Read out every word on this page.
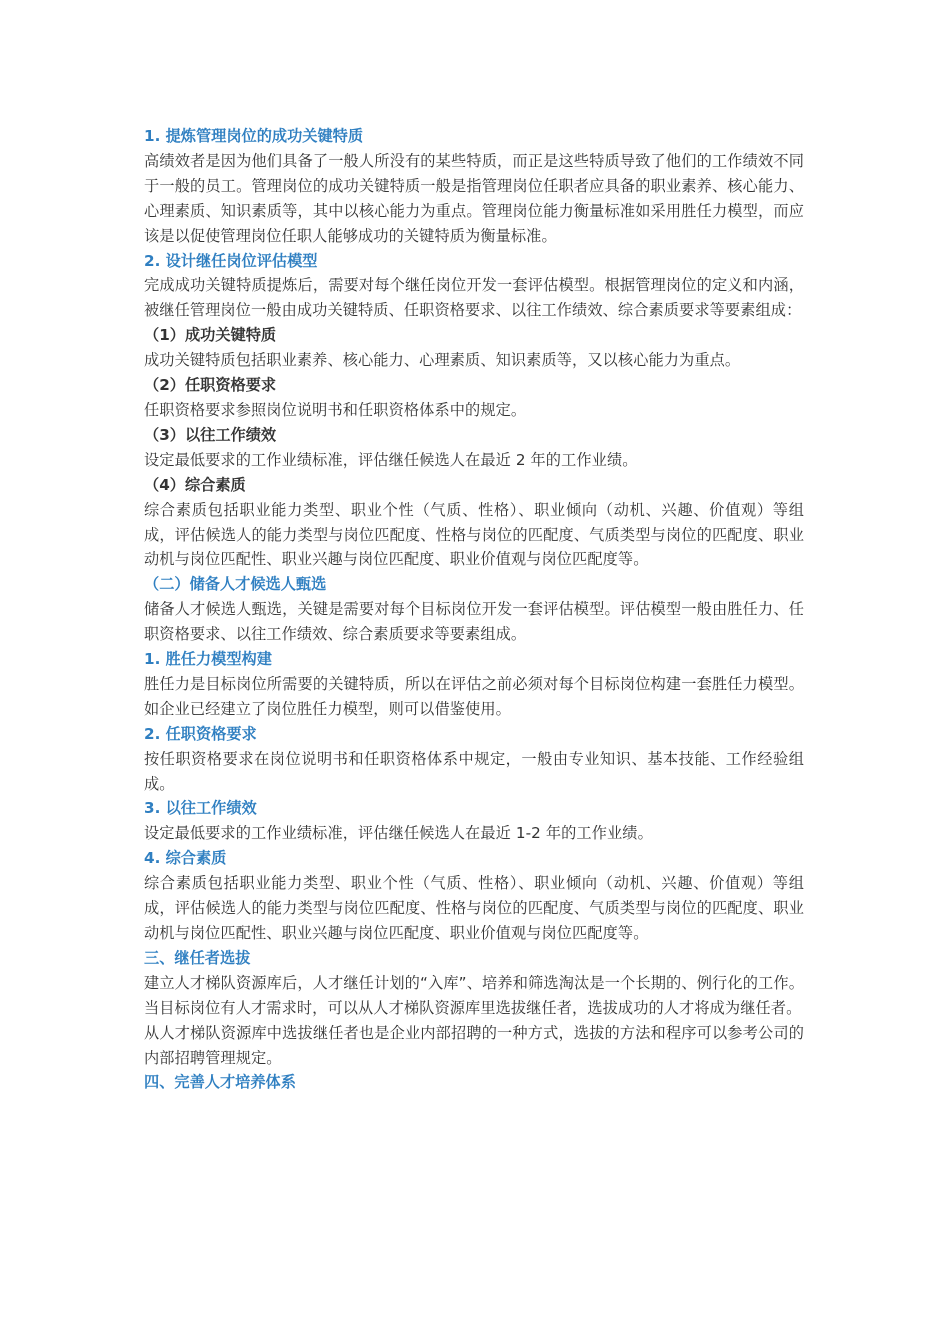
1. 提炼管理岗位的成功关键特质

高绩效者是因为他们具备了一般人所没有的某些特质，而正是这些特质导致了他们的工作绩效不同于一般的员工。管理岗位的成功关键特质一般是指管理岗位任职者应具备的职业素养、核心能力、心理素质、知识素质等，其中以核心能力为重点。管理岗位能力衡量标准如采用胜任力模型，而应该是以促使管理岗位任职人能够成功的关键特质为衡量标准。

2. 设计继任岗位评估模型

完成成功关键特质提炼后，需要对每个继任岗位开发一套评估模型。根据管理岗位的定义和内涵，被继任管理岗位一般由成功关键特质、任职资格要求、以往工作绩效、综合素质要求等要素组成：

（1）成功关键特质

成功关键特质包括职业素养、核心能力、心理素质、知识素质等，又以核心能力为重点。

（2）任职资格要求

任职资格要求参照岗位说明书和任职资格体系中的规定。

（3）以往工作绩效

设定最低要求的工作业绩标准，评估继任候选人在最近 2 年的工作业绩。

（4）综合素质

综合素质包括职业能力类型、职业个性（气质、性格）、职业倾向（动机、兴趣、价值观）等组成，评估候选人的能力类型与岗位匹配度、性格与岗位的匹配度、气质类型与岗位的匹配度、职业动机与岗位匹配性、职业兴趣与岗位匹配度、职业价值观与岗位匹配度等。

（二）储备人才候选人甄选

储备人才候选人甄选，关键是需要对每个目标岗位开发一套评估模型。评估模型一般由胜任力、任职资格要求、以往工作绩效、综合素质要求等要素组成。

1. 胜任力模型构建

胜任力是目标岗位所需要的关键特质，所以在评估之前必须对每个目标岗位构建一套胜任力模型。如企业已经建立了岗位胜任力模型，则可以借鉴使用。

2. 任职资格要求

按任职资格要求在岗位说明书和任职资格体系中规定，一般由专业知识、基本技能、工作经验组成。

3. 以往工作绩效

设定最低要求的工作业绩标准，评估继任候选人在最近 1-2 年的工作业绩。

4. 综合素质

综合素质包括职业能力类型、职业个性（气质、性格）、职业倾向（动机、兴趣、价值观）等组成，评估候选人的能力类型与岗位匹配度、性格与岗位的匹配度、气质类型与岗位的匹配度、职业动机与岗位匹配性、职业兴趣与岗位匹配度、职业价值观与岗位匹配度等。

三、继任者选拔

建立人才梯队资源库后，人才继任计划的“入库”、培养和筛选淘汰是一个长期的、例行化的工作。当目标岗位有人才需求时，可以从人才梯队资源库里选拔继任者，选拔成功的人才将成为继任者。

从人才梯队资源库中选拔继任者也是企业内部招聘的一种方式，选拔的方法和程序可以参考公司的内部招聘管理规定。

四、完善人才培养体系
